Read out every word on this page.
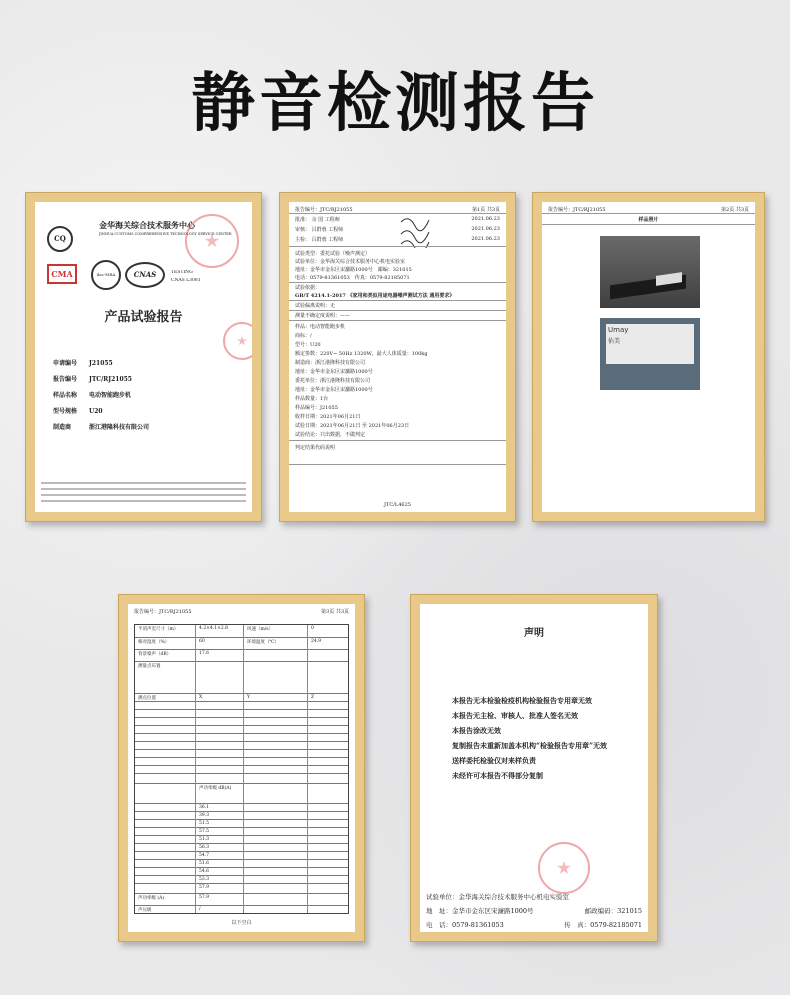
静音检测报告
CQ
金华海关综合技术服务中心
JINHUA CUSTOMS COMPREHENSIVE TECHNOLOGY SERVICE CENTER
CMA	ilac-MRA	CNAS	TESTING
CNAS L3081
产品试验报告
申请编号 J21055
报告编号 JTC/RJ21055
样品名称 电动智能跑步机
型号规格 U20
制造商	浙江港隆科技有限公司
报告编号：JTC/RJ21055	第1页 共3页
批准： 余 国 工程师	2021.06.23
审核： 吕群蓉 工程师	2021.06.23
主检： 吕群蓉 工程师	2021.06.23
试验类型：委托试验（噪声测定）
试验单位：金华海关综合技术服务中心机电实验室
地址：金华市金东区宋濂路1000号　邮编：321015
电话：0579-81361053　传真：0579-82185071
试验依据：
GB/T 4214.1-2017 《家用和类似用途电器噪声测试方法 通用要求》
试验偏离说明：无
测量不确定度说明：——
样品：电动智能跑步机
商标：/
型号：U20
额定参数：220V~ 50Hz 1320W，最大人体质量：100kg
制造商：浙江港隆科技有限公司
地址：金华市金东区宋濂路1000号
委托单位：浙江港隆科技有限公司
地址：金华市金东区宋濂路1000号
样品数量：1台
样品编号：J21055
收样日期：2021年06月21日
试验日期：2021年06月21日 至 2021年06月23日
试验结论：只出数据，不做判定
判定结果代码说明
JTC/L4625
报告编号：JTC/RJ21055	第2页 共3页
样品照片
Umay
佑美
报告编号：JTC/RJ21055	第3页 共3页
半消声室尺寸（m）	4.2×4.1×2.8	风速（m/s）	0
相对湿度（%）	60	环境温度（℃）	24.9
背景噪声（dB）	17.6
测量点布置
测点位置	X	Y	Z
声功率级 dB(A)
36.1
39.3
51.5
57.5
51.3
56.3
54.7
51.6
54.6
53.3
57.9
声功率级 (A)	57.9
声压级	/
以下空白
声明
本报告无本检验检疫机构检验报告专用章无效
本报告无主检、审核人、批准人签名无效
本报告涂改无效
复制报告未重新加盖本机构“检验报告专用章”无效
送样委托检验仅对来样负责
未经许可本报告不得部分复制
试验单位：金华海关综合技术服务中心机电实验室
地　址：金华市金东区宋濂路1000号	邮政编码：321015
电　话：0579-81361053	传　真：0579-82185071
